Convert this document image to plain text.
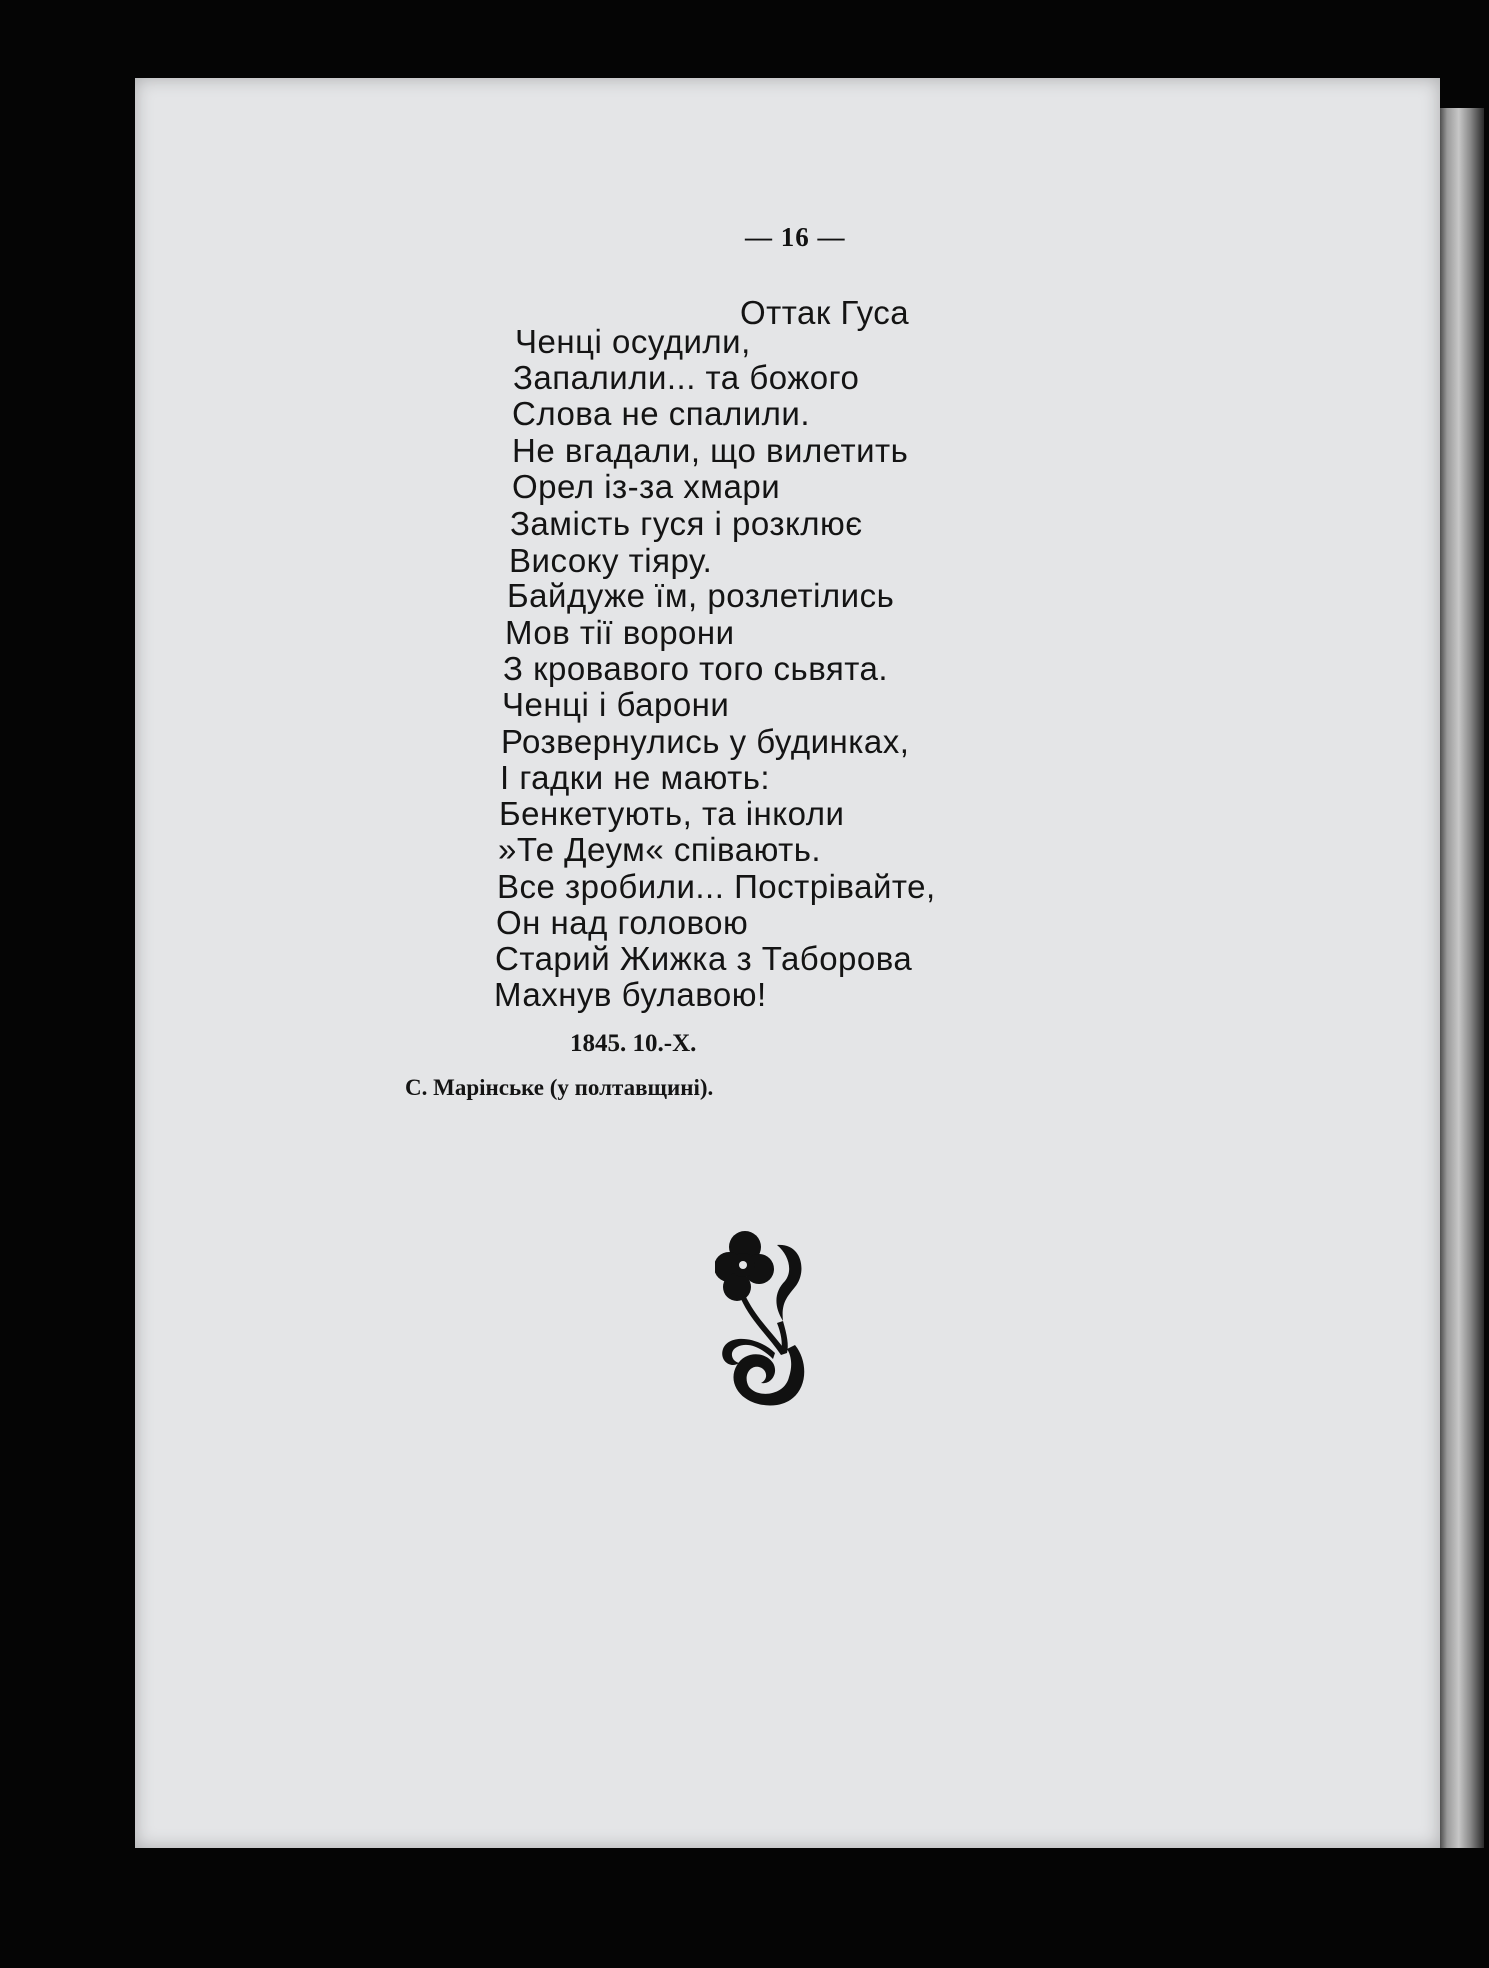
— 16 —
Оттак Гуса
Ченці осудили,
Запалили... та божого
Слова не спалили.
Не вгадали, що вилетить
Орел із-за хмари
Замість гуся і розклює
Високу тіяру.
Байдуже їм, розлетілись
Мов тії ворони
З кровавого того сьвята.
Ченці і барони
Розвернулись у будинках,
І гадки не мають:
Бенкетують, та інколи
»Те Деум« співають.
Все зробили... Пострівайте,
Он над головою
Старий Жижка з Таборова
Махнув булавою!
1845. 10.-X.
С. Марінське (у полтавщині).
